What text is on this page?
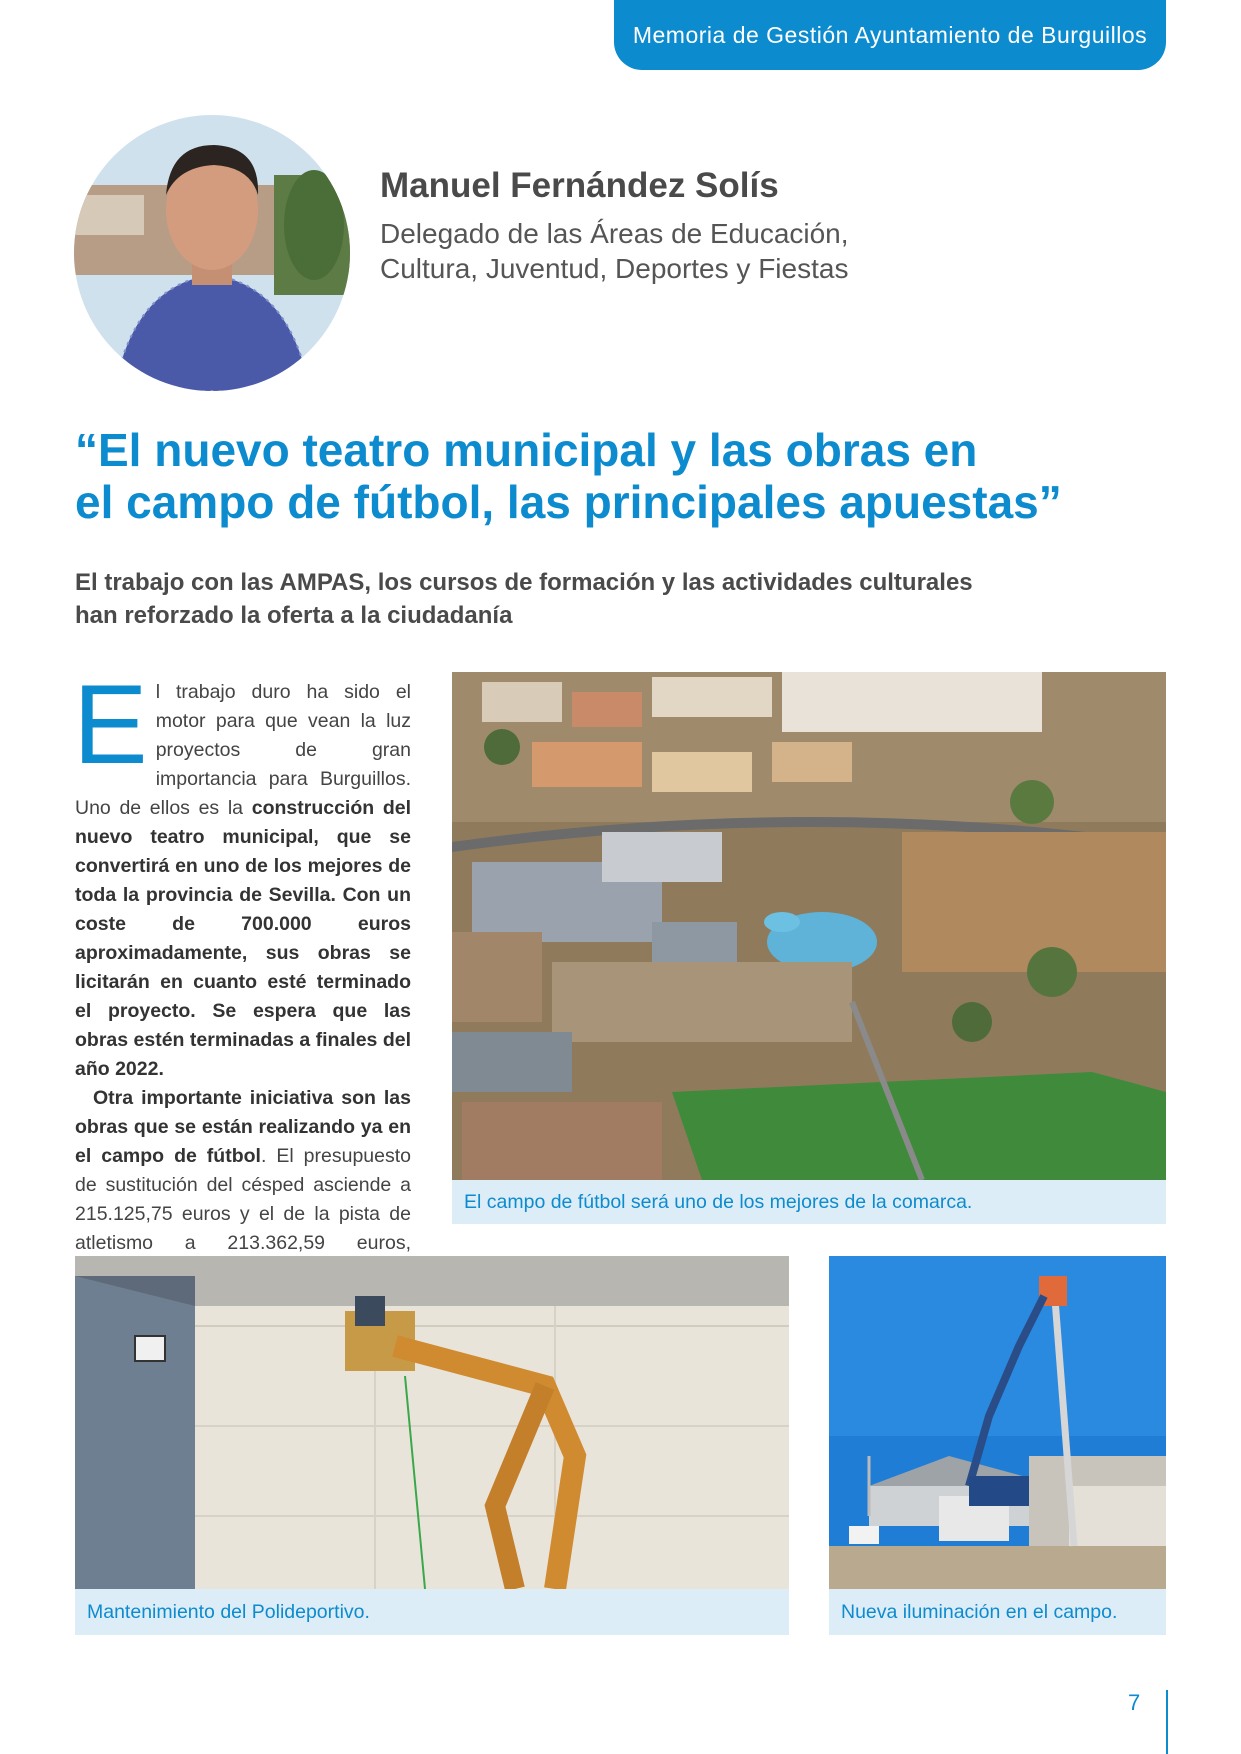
Memoria de Gestión Ayuntamiento de Burguillos
Manuel Fernández Solís
Delegado de las Áreas de Educación,
Cultura, Juventud, Deportes y Fiestas
“El nuevo teatro municipal y las obras en
el campo de fútbol, las principales apuestas”
El trabajo con las AMPAS, los cursos de formación y las actividades culturales
han reforzado la oferta a la ciudadanía

El trabajo duro ha sido el motor para que vean la luz proyectos de gran importancia para Burguillos. Uno de ellos es la construcción del nuevo teatro municipal, que se convertirá en uno de los mejores de toda la provincia de Sevilla. Con un coste de 700.000 euros aproximadamente, sus obras se licitarán en cuanto esté terminado el proyecto. Se espera que las obras estén terminadas a finales del año 2022.

Otra importante iniciativa son las obras que se están realizando ya en el campo de fútbol. El presupuesto de sustitución del césped asciende a 215.125,75 euros y el de la pista de atletismo a 213.362,59 euros,

El campo de fútbol será uno de los mejores de la comarca.
Mantenimiento del Polideportivo.	Nueva iluminación en el campo.
7
